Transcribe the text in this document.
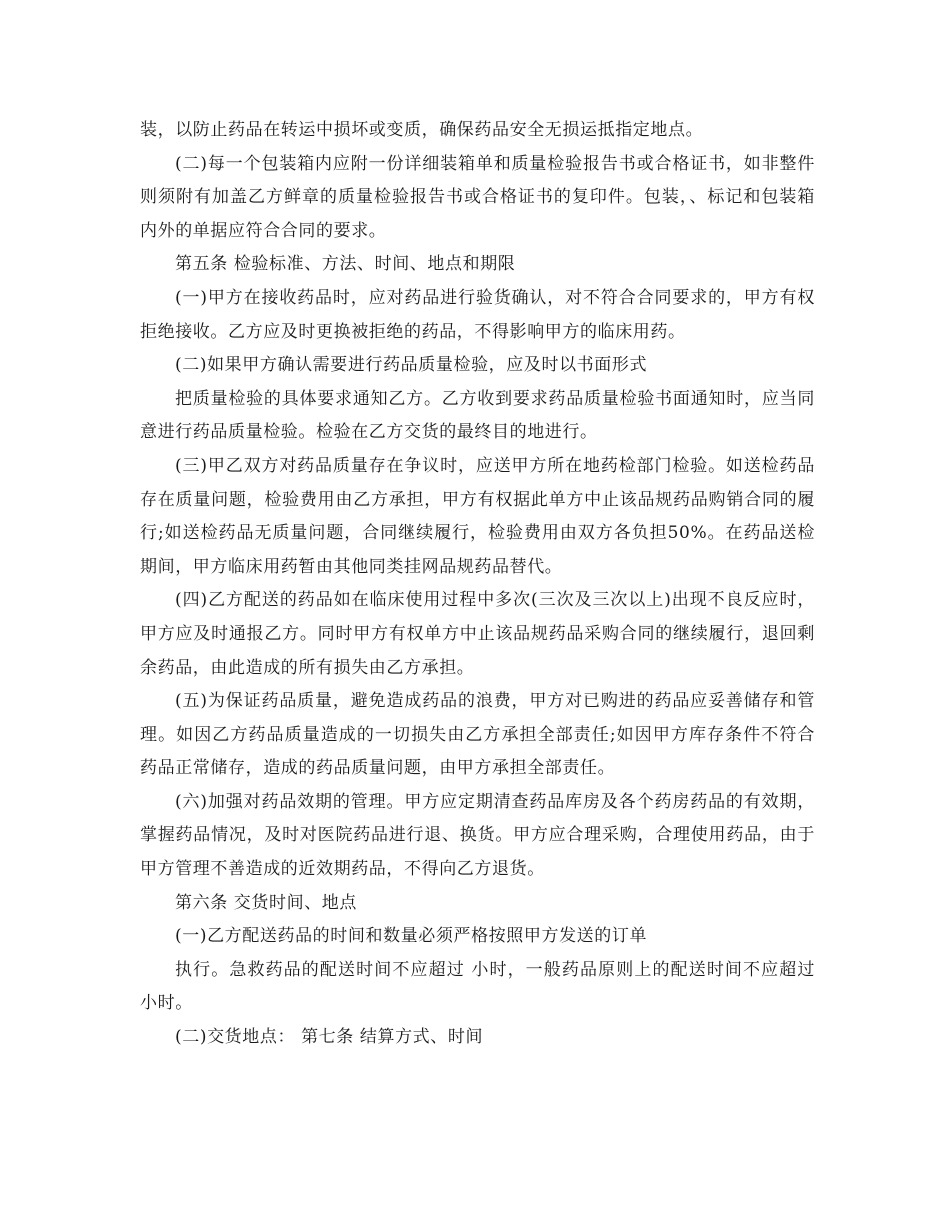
装，以防止药品在转运中损坏或变质，确保药品安全无损运抵指定地点。

(二)每一个包装箱内应附一份详细装箱单和质量检验报告书或合格证书，如非整件则须附有加盖乙方鲜章的质量检验报告书或合格证书的复印件。包装，、标记和包装箱内外的单据应符合合同的要求。

第五条 检验标准、方法、时间、地点和期限

(一)甲方在接收药品时，应对药品进行验货确认，对不符合合同要求的，甲方有权拒绝接收。乙方应及时更换被拒绝的药品，不得影响甲方的临床用药。

(二)如果甲方确认需要进行药品质量检验，应及时以书面形式

把质量检验的具体要求通知乙方。乙方收到要求药品质量检验书面通知时，应当同意进行药品质量检验。检验在乙方交货的最终目的地进行。

(三)甲乙双方对药品质量存在争议时，应送甲方所在地药检部门检验。如送检药品存在质量问题，检验费用由乙方承担，甲方有权据此单方中止该品规药品购销合同的履行;如送检药品无质量问题，合同继续履行，检验费用由双方各负担50%。在药品送检期间，甲方临床用药暂由其他同类挂网品规药品替代。

(四)乙方配送的药品如在临床使用过程中多次(三次及三次以上)出现不良反应时，甲方应及时通报乙方。同时甲方有权单方中止该品规药品采购合同的继续履行，退回剩余药品，由此造成的所有损失由乙方承担。

(五)为保证药品质量，避免造成药品的浪费，甲方对已购进的药品应妥善储存和管理。如因乙方药品质量造成的一切损失由乙方承担全部责任;如因甲方库存条件不符合药品正常储存，造成的药品质量问题，由甲方承担全部责任。

(六)加强对药品效期的管理。甲方应定期清查药品库房及各个药房药品的有效期，掌握药品情况，及时对医院药品进行退、换货。甲方应合理采购，合理使用药品，由于甲方管理不善造成的近效期药品，不得向乙方退货。

第六条 交货时间、地点

(一)乙方配送药品的时间和数量必须严格按照甲方发送的订单

执行。急救药品的配送时间不应超过 小时，一般药品原则上的配送时间不应超过 小时。

(二)交货地点： 第七条 结算方式、时间
